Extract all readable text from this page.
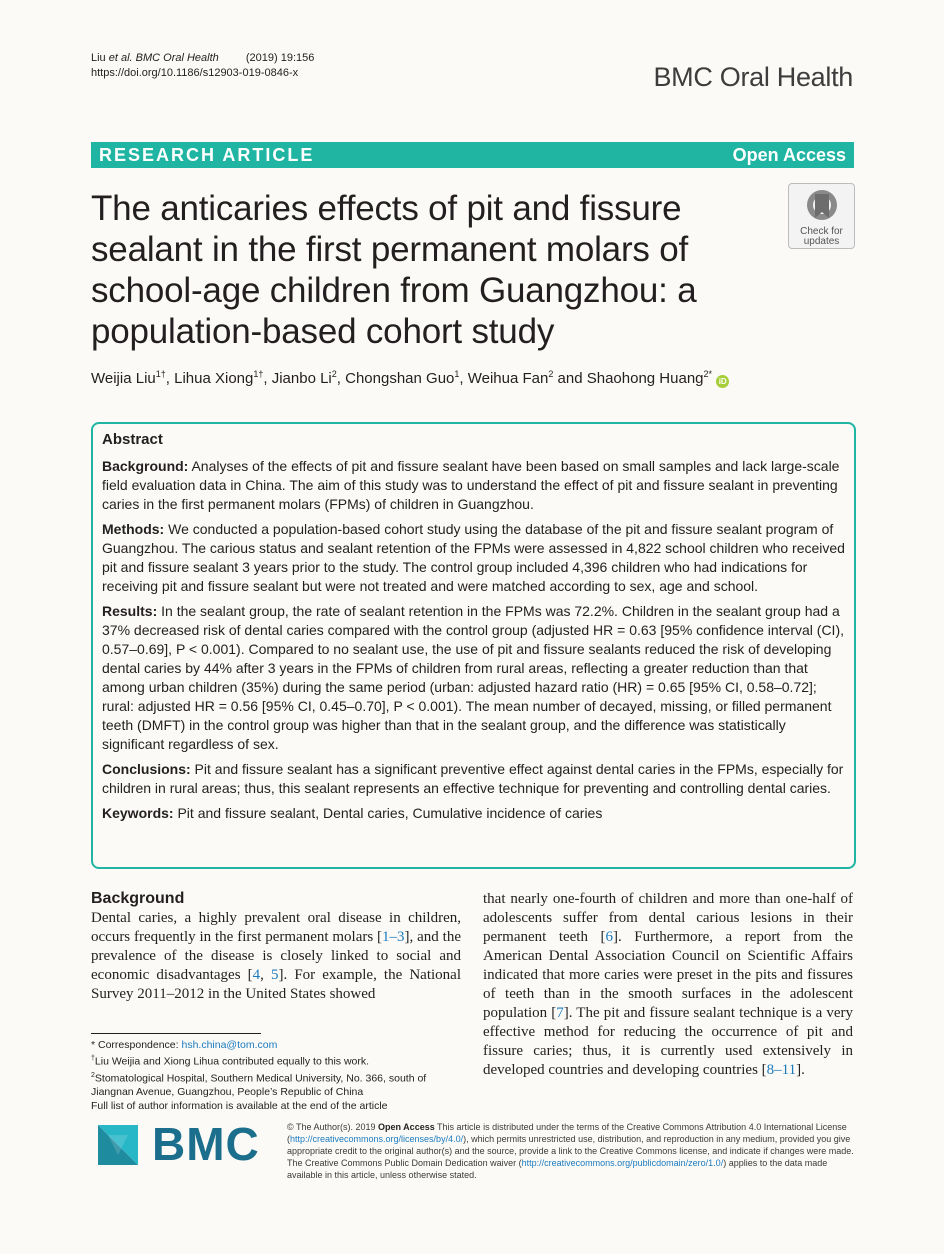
Liu et al. BMC Oral Health (2019) 19:156
https://doi.org/10.1186/s12903-019-0846-x	BMC Oral Health
RESEARCH ARTICLE	Open Access
The anticaries effects of pit and fissure
sealant in the first permanent molars of
school-age children from Guangzhou: a
population-based cohort study
Check for
updates
Weijia Liu$^{1\dagger}$, Lihua Xiong$^{1\dagger}$, Jianbo Li$^2$, Chongshan Guo$^1$, Weihua Fan$^2$ and Shaohong Huang$^{2*}$ iD
Abstract
Background: Analyses of the effects of pit and fissure sealant have been based on small samples and lack large-scale field evaluation data in China. The aim of this study was to understand the effect of pit and fissure sealant in preventing caries in the first permanent molars (FPMs) of children in Guangzhou.
Methods: We conducted a population-based cohort study using the database of the pit and fissure sealant program of Guangzhou. The carious status and sealant retention of the FPMs were assessed in 4,822 school children who received pit and fissure sealant 3 years prior to the study. The control group included 4,396 children who had indications for receiving pit and fissure sealant but were not treated and were matched according to sex, age and school.
Results: In the sealant group, the rate of sealant retention in the FPMs was 72.2%. Children in the sealant group had a 37% decreased risk of dental caries compared with the control group (adjusted HR = 0.63 [95% confidence interval (CI), 0.57–0.69], P < 0.001). Compared to no sealant use, the use of pit and fissure sealants reduced the risk of developing dental caries by 44% after 3 years in the FPMs of children from rural areas, reflecting a greater reduction than that among urban children (35%) during the same period (urban: adjusted hazard ratio (HR) = 0.65 [95% CI, 0.58–0.72]; rural: adjusted HR = 0.56 [95% CI, 0.45–0.70], P < 0.001). The mean number of decayed, missing, or filled permanent teeth (DMFT) in the control group was higher than that in the sealant group, and the difference was statistically significant regardless of sex.
Conclusions: Pit and fissure sealant has a significant preventive effect against dental caries in the FPMs, especially for children in rural areas; thus, this sealant represents an effective technique for preventing and controlling dental caries.
Keywords: Pit and fissure sealant, Dental caries, Cumulative incidence of caries
Background
Dental caries, a highly prevalent oral disease in children, occurs frequently in the first permanent molars [1–3], and the prevalence of the disease is closely linked to social and economic disadvantages [4, 5]. For example, the National Survey 2011–2012 in the United States showed
that nearly one-fourth of children and more than one-half of adolescents suffer from dental carious lesions in their permanent teeth [6]. Furthermore, a report from the American Dental Association Council on Scientific Affairs indicated that more caries were preset in the pits and fissures of teeth than in the smooth surfaces in the adolescent population [7]. The pit and fissure sealant technique is a very effective method for reducing the occurrence of pit and fissure caries; thus, it is currently used extensively in developed countries and developing countries [8–11].
* Correspondence: hsh.china@tom.com
†Liu Weijia and Xiong Lihua contributed equally to this work.
$^2$Stomatological Hospital, Southern Medical University, No. 366, south of Jiangnan Avenue, Guangzhou, People’s Republic of China
Full list of author information is available at the end of the article
BMC	© The Author(s). 2019 Open Access This article is distributed under the terms of the Creative Commons Attribution 4.0 International License (http://creativecommons.org/licenses/by/4.0/), which permits unrestricted use, distribution, and reproduction in any medium, provided you give appropriate credit to the original author(s) and the source, provide a link to the Creative Commons license, and indicate if changes were made. The Creative Commons Public Domain Dedication waiver (http://creativecommons.org/publicdomain/zero/1.0/) applies to the data made available in this article, unless otherwise stated.
